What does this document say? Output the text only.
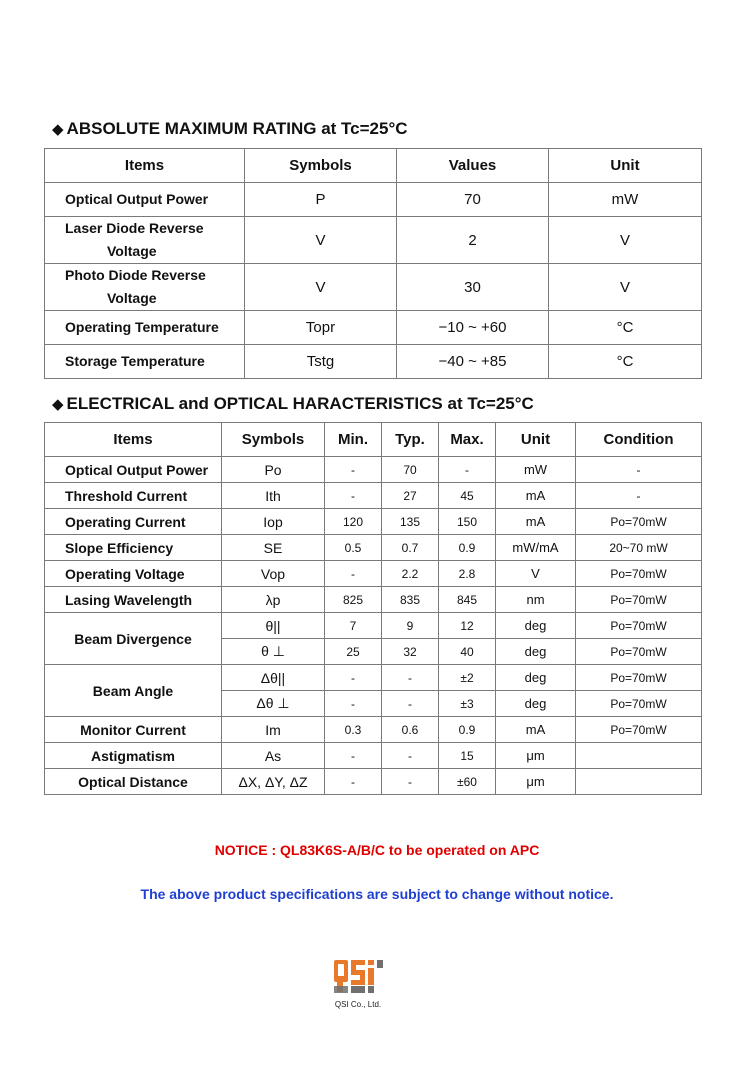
◆ ABSOLUTE MAXIMUM RATING at Tc=25°C
Items	Symbols	Values	Unit
Optical Output Power	P	70	mW
Laser Diode Reverse
Voltage	V	2	V
Photo Diode Reverse
Voltage	V	30	V
Operating Temperature	Topr	−10 ~ +60	°C
Storage Temperature	Tstg	−40 ~ +85	°C
◆ ELECTRICAL and OPTICAL HARACTERISTICS at Tc=25°C
Items	Symbols	Min.	Typ.	Max.	Unit	Condition
Optical Output Power	Po	-	70	-	mW	-
Threshold Current	Ith	-	27	45	mA	-
Operating Current	Iop	120	135	150	mA	Po=70mW
Slope Efficiency	SE	0.5	0.7	0.9	mW/mA	20~70 mW
Operating Voltage	Vop	-	2.2	2.8	V	Po=70mW
Lasing Wavelength	λp	825	835	845	nm	Po=70mW
Beam Divergence	θ||	7	9	12	deg	Po=70mW
	θ ⊥	25	32	40	deg	Po=70mW
Beam Angle	Δθ||	-	-	±2	deg	Po=70mW
	Δθ ⊥	-	-	±3	deg	Po=70mW
Monitor Current	Im	0.3	0.6	0.9	mA	Po=70mW
Astigmatism	As	-	-	15	μm	
Optical Distance	ΔX, ΔY, ΔZ	-	-	±60	μm	
NOTICE : QL83K6S-A/B/C to be operated on APC
The above product specifications are subject to change without notice.
QSI Co., Ltd.
